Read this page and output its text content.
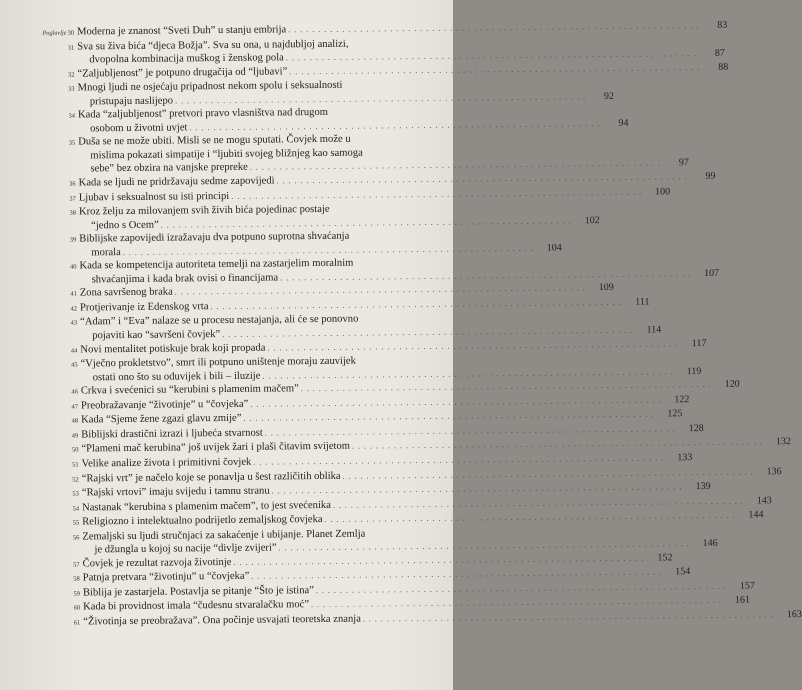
Poglavlje30 Moderna je znanost “Sveti Duh” u stanju embrija . . . . . . . . . . . . . . . . . . . . . . . . . . . . . . . . . . . . . . . . . . . . . . . . . . . . . . . . . . . . . . . . . . . . .	83
31 Sva su živa bića “djeca Božja”. Sva su ona, u najdubljoj analizi,
dvopolna kombinacija muškog i ženskog pola . . . . . . . . . . . . . . . . . . . . . . . . . . . . . . . . . . . . . . . . . . . . . . . . . . . . . . . . . . . . . . . . . . . . .	87
32 “Zaljubljenost” je potpuno drugačija od “ljubavi” . . . . . . . . . . . . . . . . . . . . . . . . . . . . . . . . . . . . . . . . . . . . . . . . . . . . . . . . . . . . . . . . . . . . .	88
33 Mnogi ljudi ne osjećaju pripadnost nekom spolu i seksualnosti
pristupaju naslijepo . . . . . . . . . . . . . . . . . . . . . . . . . . . . . . . . . . . . . . . . . . . . . . . . . . . . . . . . . . . . . . . . . . . . .	92
34 Kada “zaljubljenost” pretvori pravo vlasništva nad drugom
osobom u životni uvjet . . . . . . . . . . . . . . . . . . . . . . . . . . . . . . . . . . . . . . . . . . . . . . . . . . . . . . . . . . . . . . . . . . . . .	94
35 Duša se ne može ubiti. Misli se ne mogu sputati. Čovjek može u
mislima pokazati simpatije i “ljubiti svojeg bližnjeg kao samoga
sebe” bez obzira na vanjske prepreke . . . . . . . . . . . . . . . . . . . . . . . . . . . . . . . . . . . . . . . . . . . . . . . . . . . . . . . . . . . . . . . . . . . . .	97
36 Kada se ljudi ne pridržavaju sedme zapovijedi . . . . . . . . . . . . . . . . . . . . . . . . . . . . . . . . . . . . . . . . . . . . . . . . . . . . . . . . . . . . . . . . . . . . .	99
37 Ljubav i seksualnost su isti principi . . . . . . . . . . . . . . . . . . . . . . . . . . . . . . . . . . . . . . . . . . . . . . . . . . . . . . . . . . . . . . . . . . . . .	100
38 Kroz želju za milovanjem svih živih bića pojedinac postaje
“jedno s Ocem” . . . . . . . . . . . . . . . . . . . . . . . . . . . . . . . . . . . . . . . . . . . . . . . . . . . . . . . . . . . . . . . . . . . . .	102
39 Biblijske zapovijedi izražavaju dva potpuno suprotna shvaćanja
morala . . . . . . . . . . . . . . . . . . . . . . . . . . . . . . . . . . . . . . . . . . . . . . . . . . . . . . . . . . . . . . . . . . . . .	104
40 Kada se kompetencija autoriteta temelji na zastarjelim moralnim
shvaćanjima i kada brak ovisi o financijama . . . . . . . . . . . . . . . . . . . . . . . . . . . . . . . . . . . . . . . . . . . . . . . . . . . . . . . . . . . . . . . . . . . . .	107
41 Zona savršenog braka . . . . . . . . . . . . . . . . . . . . . . . . . . . . . . . . . . . . . . . . . . . . . . . . . . . . . . . . . . . . . . . . . . . . .	109
42 Protjerivanje iz Edenskog vrta . . . . . . . . . . . . . . . . . . . . . . . . . . . . . . . . . . . . . . . . . . . . . . . . . . . . . . . . . . . . . . . . . . . . .	111
43 “Adam” i “Eva” nalaze se u procesu nestajanja, ali će se ponovno
pojaviti kao “savršeni čovjek” . . . . . . . . . . . . . . . . . . . . . . . . . . . . . . . . . . . . . . . . . . . . . . . . . . . . . . . . . . . . . . . . . . . . .	114
44 Novi mentalitet potiskuje brak koji propada . . . . . . . . . . . . . . . . . . . . . . . . . . . . . . . . . . . . . . . . . . . . . . . . . . . . . . . . . . . . . . . . . . . . .	117
45 “Vječno prokletstvo”, smrt ili potpuno uništenje moraju zauvijek
ostati ono što su oduvijek i bili – iluzije . . . . . . . . . . . . . . . . . . . . . . . . . . . . . . . . . . . . . . . . . . . . . . . . . . . . . . . . . . . . . . . . . . . . .	119
46 Crkva i svećenici su “kerubini s plamenim mačem” . . . . . . . . . . . . . . . . . . . . . . . . . . . . . . . . . . . . . . . . . . . . . . . . . . . . . . . . . . . . . . . . . . . . .	120
47 Preobražavanje “životinje” u “čovjeka” . . . . . . . . . . . . . . . . . . . . . . . . . . . . . . . . . . . . . . . . . . . . . . . . . . . . . . . . . . . . . . . . . . . . .	122
48 Kada “Sjeme žene zgazi glavu zmije” . . . . . . . . . . . . . . . . . . . . . . . . . . . . . . . . . . . . . . . . . . . . . . . . . . . . . . . . . . . . . . . . . . . . .	125
49 Biblijski drastični izrazi i ljubeća stvarnost . . . . . . . . . . . . . . . . . . . . . . . . . . . . . . . . . . . . . . . . . . . . . . . . . . . . . . . . . . . . . . . . . . . . .	128
50 “Plameni mač kerubina” još uvijek žari i plaši čitavim svijetom . . . . . . . . . . . . . . . . . . . . . . . . . . . . . . . . . . . . . . . . . . . . . . . . . . . . . . . . . . . . . . . . . . . . .	132
51 Velike analize života i primitivni čovjek . . . . . . . . . . . . . . . . . . . . . . . . . . . . . . . . . . . . . . . . . . . . . . . . . . . . . . . . . . . . . . . . . . . . .	133
52 “Rajski vrt” je načelo koje se ponavlja u šest različitih oblika . . . . . . . . . . . . . . . . . . . . . . . . . . . . . . . . . . . . . . . . . . . . . . . . . . . . . . . . . . . . . . . . . . . . .	136
53 “Rajski vrtovi” imaju svijedu i tamnu stranu . . . . . . . . . . . . . . . . . . . . . . . . . . . . . . . . . . . . . . . . . . . . . . . . . . . . . . . . . . . . . . . . . . . . .	139
54 Nastanak “kerubina s plamenim mačem”, to jest svećenika . . . . . . . . . . . . . . . . . . . . . . . . . . . . . . . . . . . . . . . . . . . . . . . . . . . . . . . . . . . . . . . . . . . . .	143
55 Religiozno i intelektualno podrijetlo zemaljskog čovjeka . . . . . . . . . . . . . . . . . . . . . . . . . . . . . . . . . . . . . . . . . . . . . . . . . . . . . . . . . . . . . . . . . . . . .	144
56 Zemaljski su ljudi stručnjaci za sakaćenje i ubijanje. Planet Zemlja
je džungla u kojoj su nacije “divlje zvijeri” . . . . . . . . . . . . . . . . . . . . . . . . . . . . . . . . . . . . . . . . . . . . . . . . . . . . . . . . . . . . . . . . . . . . .	146
57 Čovjek je rezultat razvoja životinje . . . . . . . . . . . . . . . . . . . . . . . . . . . . . . . . . . . . . . . . . . . . . . . . . . . . . . . . . . . . . . . . . . . . .	152
58 Patnja pretvara “životinju” u “čovjeka” . . . . . . . . . . . . . . . . . . . . . . . . . . . . . . . . . . . . . . . . . . . . . . . . . . . . . . . . . . . . . . . . . . . . .	154
59 Biblija je zastarjela. Postavlja se pitanje “Što je istina” . . . . . . . . . . . . . . . . . . . . . . . . . . . . . . . . . . . . . . . . . . . . . . . . . . . . . . . . . . . . . . . . . . . . .	157
60 Kada bi providnost imala “čudesnu stvaralačku moć” . . . . . . . . . . . . . . . . . . . . . . . . . . . . . . . . . . . . . . . . . . . . . . . . . . . . . . . . . . . . . . . . . . . . .	161
61 “Životinja se preobražava”. Ona počinje usvajati teoretska znanja . . . . . . . . . . . . . . . . . . . . . . . . . . . . . . . . . . . . . . . . . . . . . . . . . . . . . . . . . . . . . . . . . . . . .	163
